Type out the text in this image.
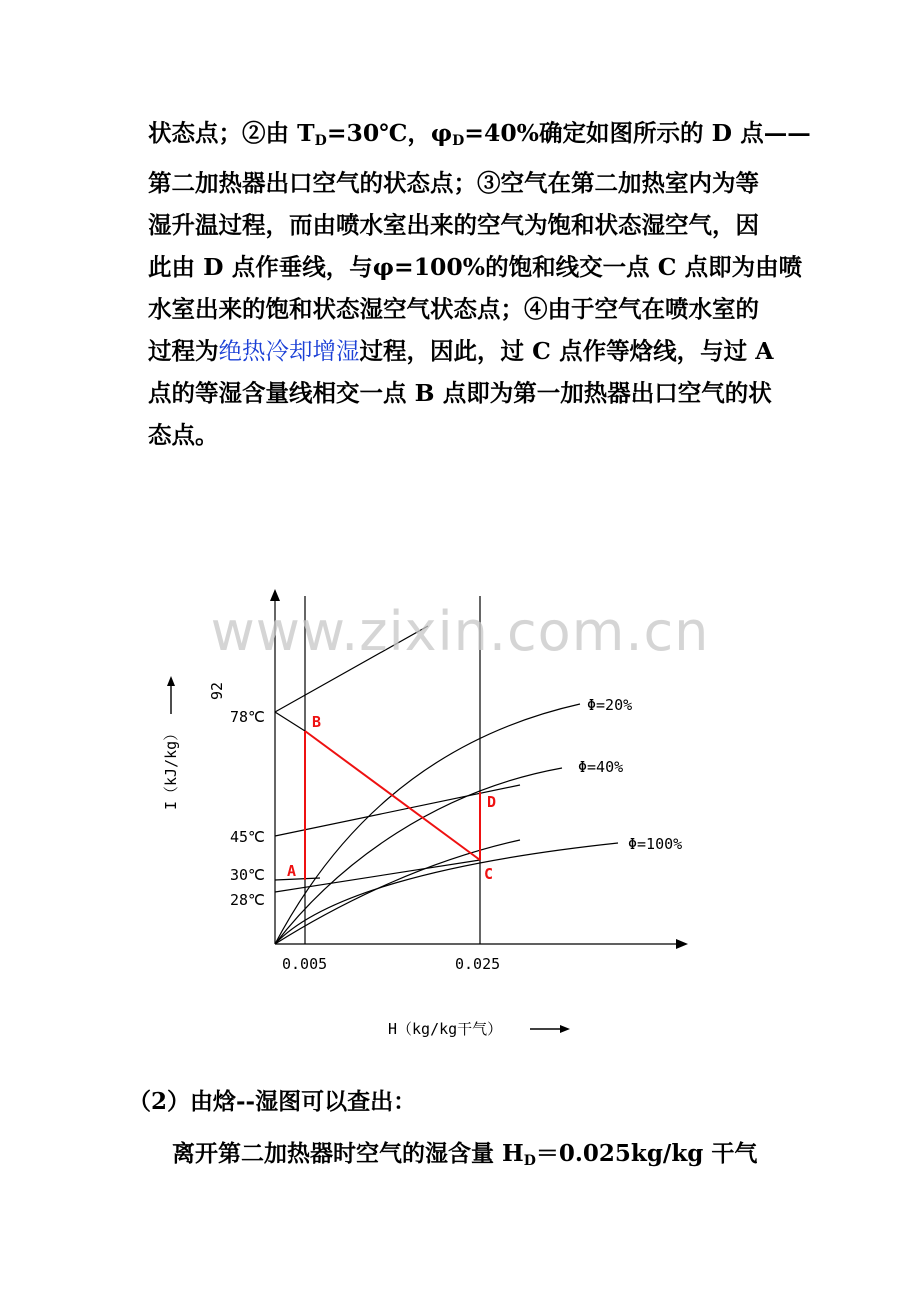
状态点；②由 $T_D=30℃$，$\varphi_D=40\%$确定如图所示的 D 点——
第二加热器出口空气的状态点；③空气在第二加热室内为等
湿升温过程，而由喷水室出来的空气为饱和状态湿空气，因
此由 D 点作垂线，与φ=100%的饱和线交一点 C 点即为由喷
水室出来的饱和状态湿空气状态点；④由于空气在喷水室的
过程为绝热冷却增湿过程，因此，过 C 点作等焓线，与过 A
点的等湿含量线相交一点 B 点即为第一加热器出口空气的状
态点。
78℃
45℃
30℃
28℃
0.005	0.025
Φ=20%
Φ=40%
Φ=100%
H（kg/kg干气）
92
I（kJ/kg）
B
A	C
D
www.zixin.com.cn
（2）由焓--湿图可以查出：
离开第二加热器时空气的湿含量 $H_D=0.025kg/kg$ 干气
